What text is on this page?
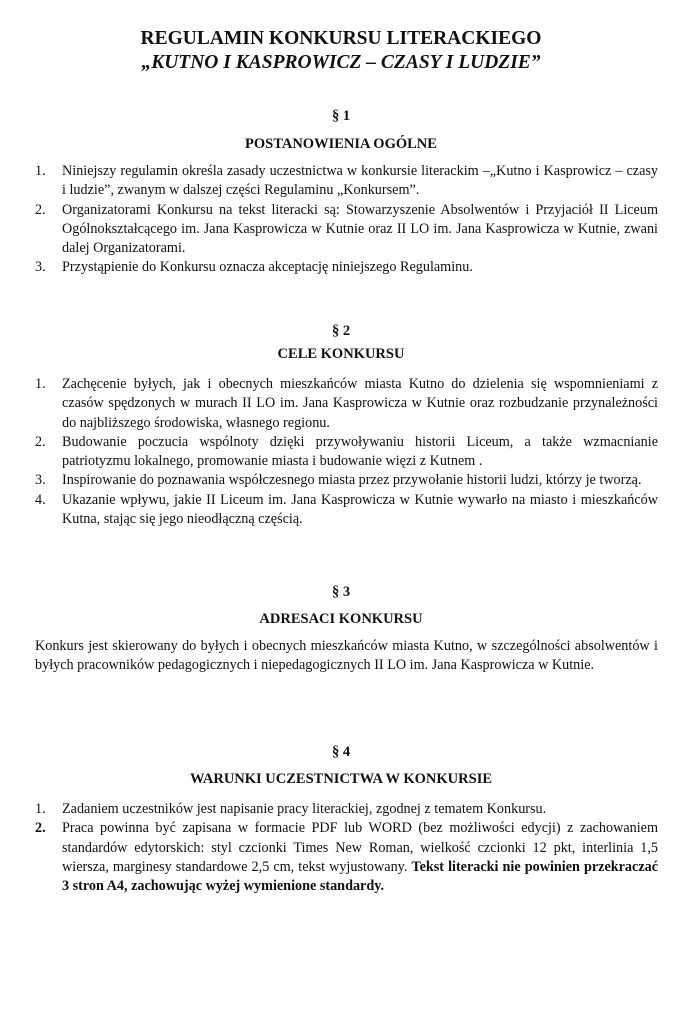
REGULAMIN KONKURSU LITERACKIEGO
„KUTNO I KASPROWICZ – CZASY I LUDZIE”
§ 1
POSTANOWIENIA OGÓLNE
1. Niniejszy regulamin określa zasady uczestnictwa w konkursie literackim –„Kutno i Kasprowicz – czasy i ludzie”, zwanym w dalszej części Regulaminu „Konkursem”.
2. Organizatorami Konkursu na tekst literacki są: Stowarzyszenie Absolwentów i Przyjaciół II Liceum Ogólnokształcącego im. Jana Kasprowicza w Kutnie oraz II LO im. Jana Kasprowicza w Kutnie, zwani dalej Organizatorami.
3. Przystąpienie do Konkursu oznacza akceptację niniejszego Regulaminu.
§ 2
CELE KONKURSU
1. Zachęcenie byłych, jak i obecnych mieszkańców miasta Kutno do dzielenia się wspomnieniami z czasów spędzonych w murach II LO im. Jana Kasprowicza w Kutnie oraz rozbudzanie przynależności do najbliższego środowiska, własnego regionu.
2. Budowanie poczucia wspólnoty dzięki przywoływaniu historii Liceum, a także wzmacnianie patriotyzmu lokalnego, promowanie miasta i budowanie więzi z Kutnem .
3. Inspirowanie do poznawania współczesnego miasta przez przywołanie historii ludzi, którzy je tworzą.
4. Ukazanie wpływu, jakie II Liceum im. Jana Kasprowicza w Kutnie wywarło na miasto i mieszkańców Kutna, stając się jego nieodłączną częścią.
§ 3
ADRESACI KONKURSU

Konkurs jest skierowany do byłych i obecnych mieszkańców miasta Kutno, w szczególności absolwentów i byłych pracowników pedagogicznych i niepedagogicznych II LO im. Jana Kasprowicza w Kutnie.

§ 4
WARUNKI UCZESTNICTWA W KONKURSIE
1. Zadaniem uczestników jest napisanie pracy literackiej, zgodnej z tematem Konkursu.
2. Praca powinna być zapisana w formacie PDF lub WORD (bez możliwości edycji) z zachowaniem standardów edytorskich: styl czcionki Times New Roman, wielkość czcionki 12 pkt, interlinia 1,5 wiersza, marginesy standardowe 2,5 cm, tekst wyjustowany. Tekst literacki nie powinien przekraczać 3 stron A4, zachowując wyżej wymienione standardy.
